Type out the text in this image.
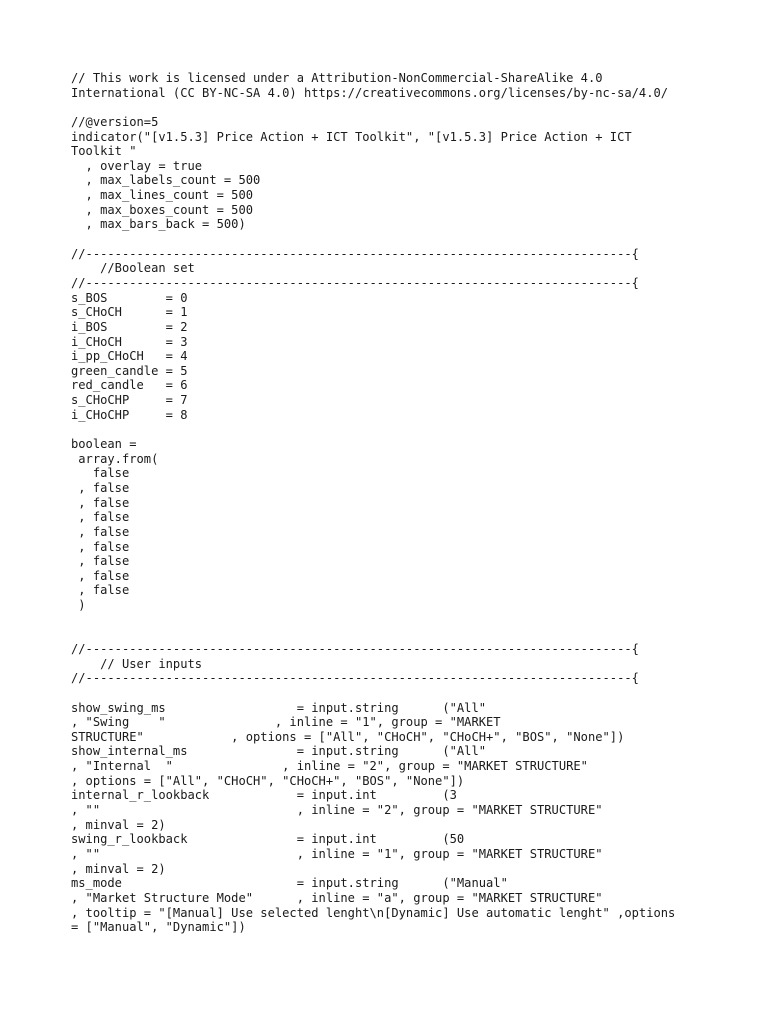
// This work is licensed under a Attribution-NonCommercial-ShareAlike 4.0
International (CC BY-NC-SA 4.0) https://creativecommons.org/licenses/by-nc-sa/4.0/
//@version=5
indicator("[v1.5.3] Price Action + ICT Toolkit", "[v1.5.3] Price Action + ICT
Toolkit "
, overlay = true
, max_labels_count = 500
, max_lines_count = 500
, max_boxes_count = 500
, max_bars_back = 500)
//---------------------------------------------------------------------------{
//Boolean set
//---------------------------------------------------------------------------{
s_BOS        = 0
s_CHoCH      = 1
i_BOS        = 2
i_CHoCH      = 3
i_pp_CHoCH   = 4
green_candle = 5
red_candle   = 6
s_CHoCHP     = 7
i_CHoCHP     = 8
boolean =
array.from(
false
, false
, false
, false
, false
, false
, false
, false
, false
)
//---------------------------------------------------------------------------{
// User inputs
//---------------------------------------------------------------------------{
show_swing_ms                  = input.string      ("All"
, "Swing    "               , inline = "1", group = "MARKET
STRUCTURE"            , options = ["All", "CHoCH", "CHoCH+", "BOS", "None"])
show_internal_ms               = input.string      ("All"
, "Internal  "               , inline = "2", group = "MARKET STRUCTURE"
, options = ["All", "CHoCH", "CHoCH+", "BOS", "None"])
internal_r_lookback            = input.int         (3
, ""                           , inline = "2", group = "MARKET STRUCTURE"
, minval = 2)
swing_r_lookback               = input.int         (50
, ""                           , inline = "1", group = "MARKET STRUCTURE"
, minval = 2)
ms_mode                        = input.string      ("Manual"
, "Market Structure Mode"      , inline = "a", group = "MARKET STRUCTURE"
, tooltip = "[Manual] Use selected lenght\n[Dynamic] Use automatic lenght" ,options
= ["Manual", "Dynamic"])
